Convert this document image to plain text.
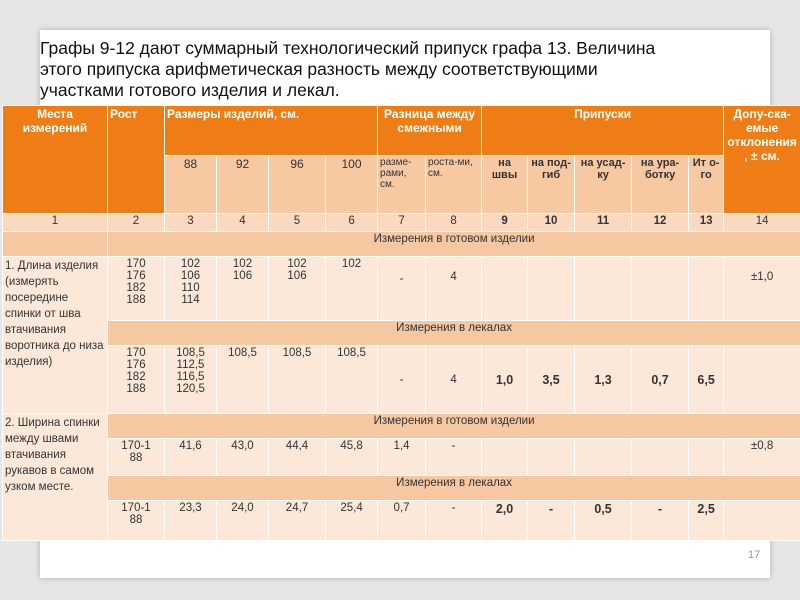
Графы 9-12 дают суммарный технологический припуск графа 13. Величина
этого припуска арифметическая разность между соответствующими
участками готового изделия и лекал.
Места измерений	Рост	Размеры изделий, см.				Разница между смежными		Припуски					Допу-ска-емые отклонения , ± см.
		88	92	96	100	разме-рами, см.	роста-ми, см.	на швы	на под-гиб	на усад-ку	на ура-ботку	Ит о-го	
1	2	3	4	5	6	7	8	9	10	11	12	13	14
	Измерения в готовом изделии												
1. Длина изделия (измерять посередине спинки от шва втачивания воротника до низа изделия)	170
176
182
188	102
106
110
114	102
106	102
106	102	-	4						±1,0
	Измерения в лекалах												
	170
176
182
188	108,5
112,5
116,5
120,5	108,5	108,5	108,5	-	4	1,0	3,5	1,3	0,7	6,5	
2. Ширина спинки между швами втачивания рукавов в самом узком месте.	Измерения в готовом изделии												
	170-1
88	41,6	43,0	44,4	45,8	1,4	-						±0,8
	Измерения в лекалах												
	170-1
88	23,3	24,0	24,7	25,4	0,7	-	2,0	-	0,5	-	2,5	
17
